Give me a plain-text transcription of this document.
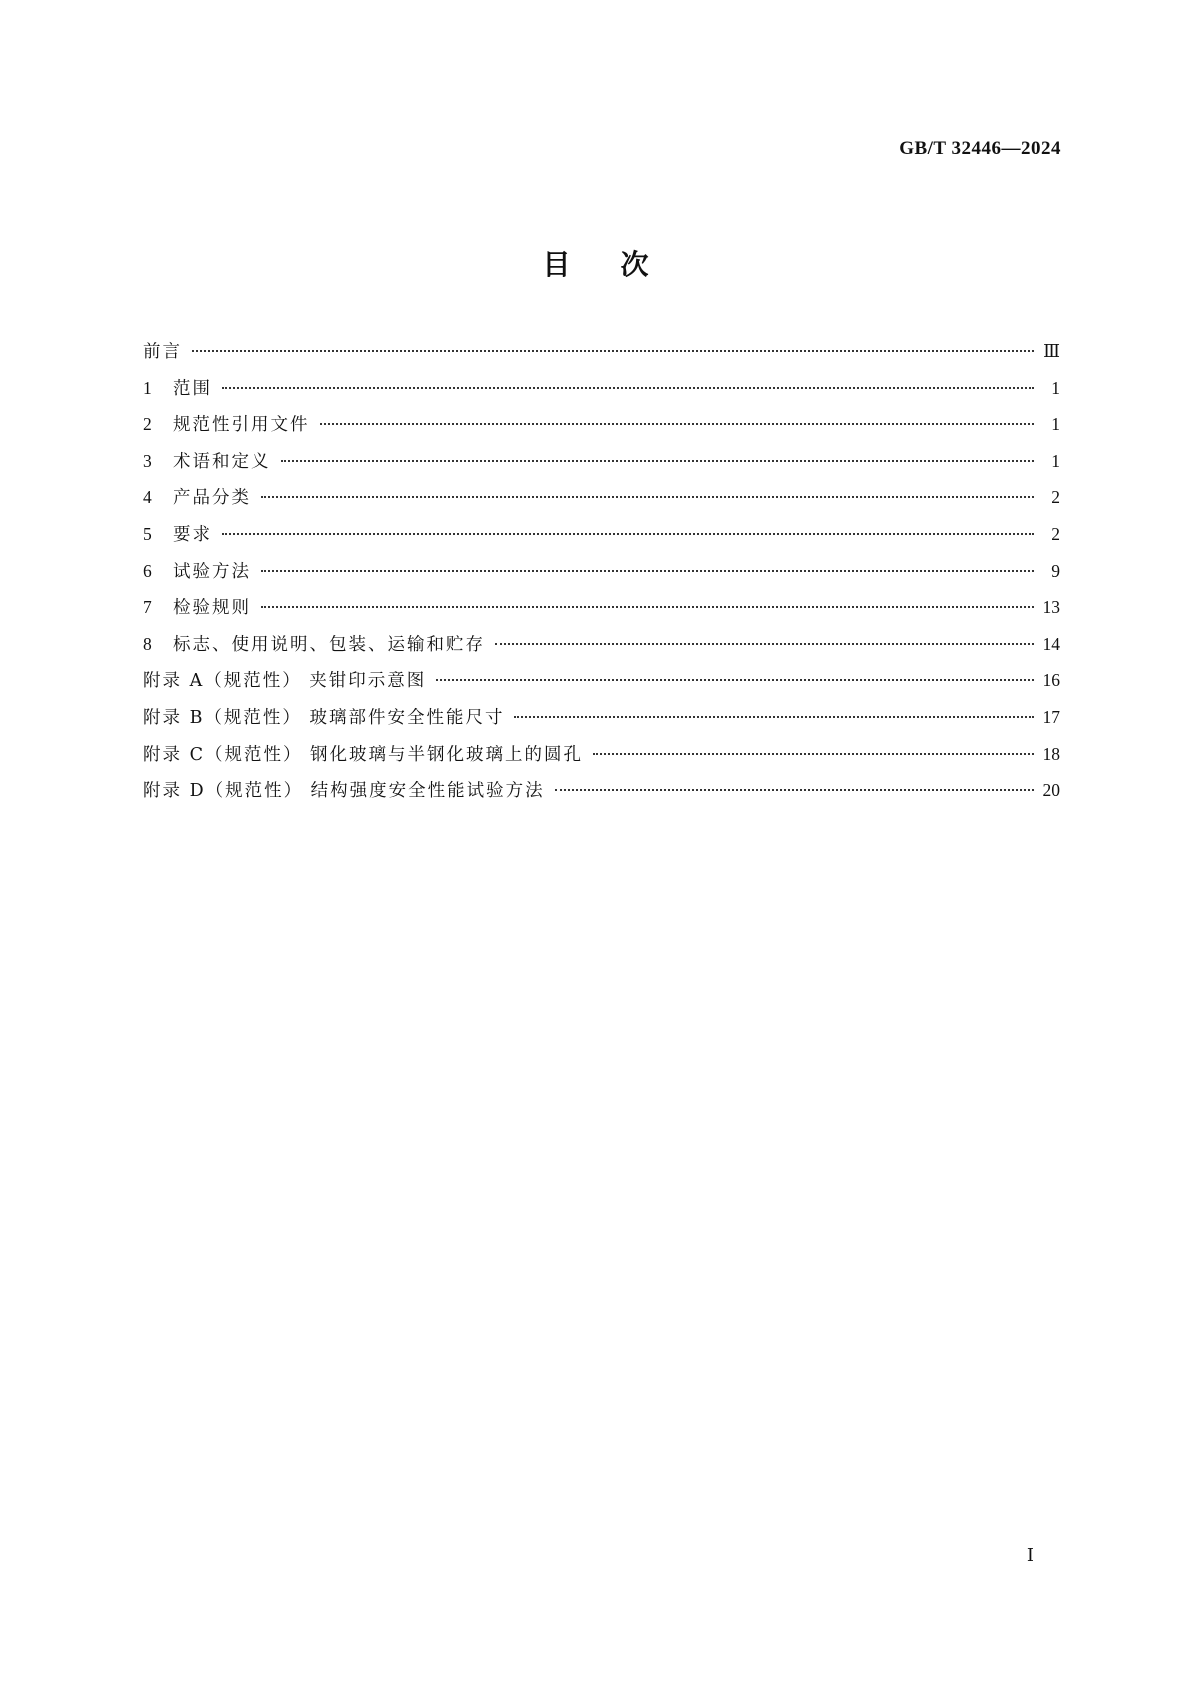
GB/T 32446—2024
目次
前言	Ⅲ
1	范围	1
2	规范性引用文件	1
3	术语和定义	1
4	产品分类	2
5	要求	2
6	试验方法	9
7	检验规则	13
8	标志、使用说明、包装、运输和贮存	14
附录 A（规范性） 夹钳印示意图	16
附录 B（规范性） 玻璃部件安全性能尺寸	17
附录 C（规范性） 钢化玻璃与半钢化玻璃上的圆孔	18
附录 D（规范性） 结构强度安全性能试验方法	20
Ⅰ
